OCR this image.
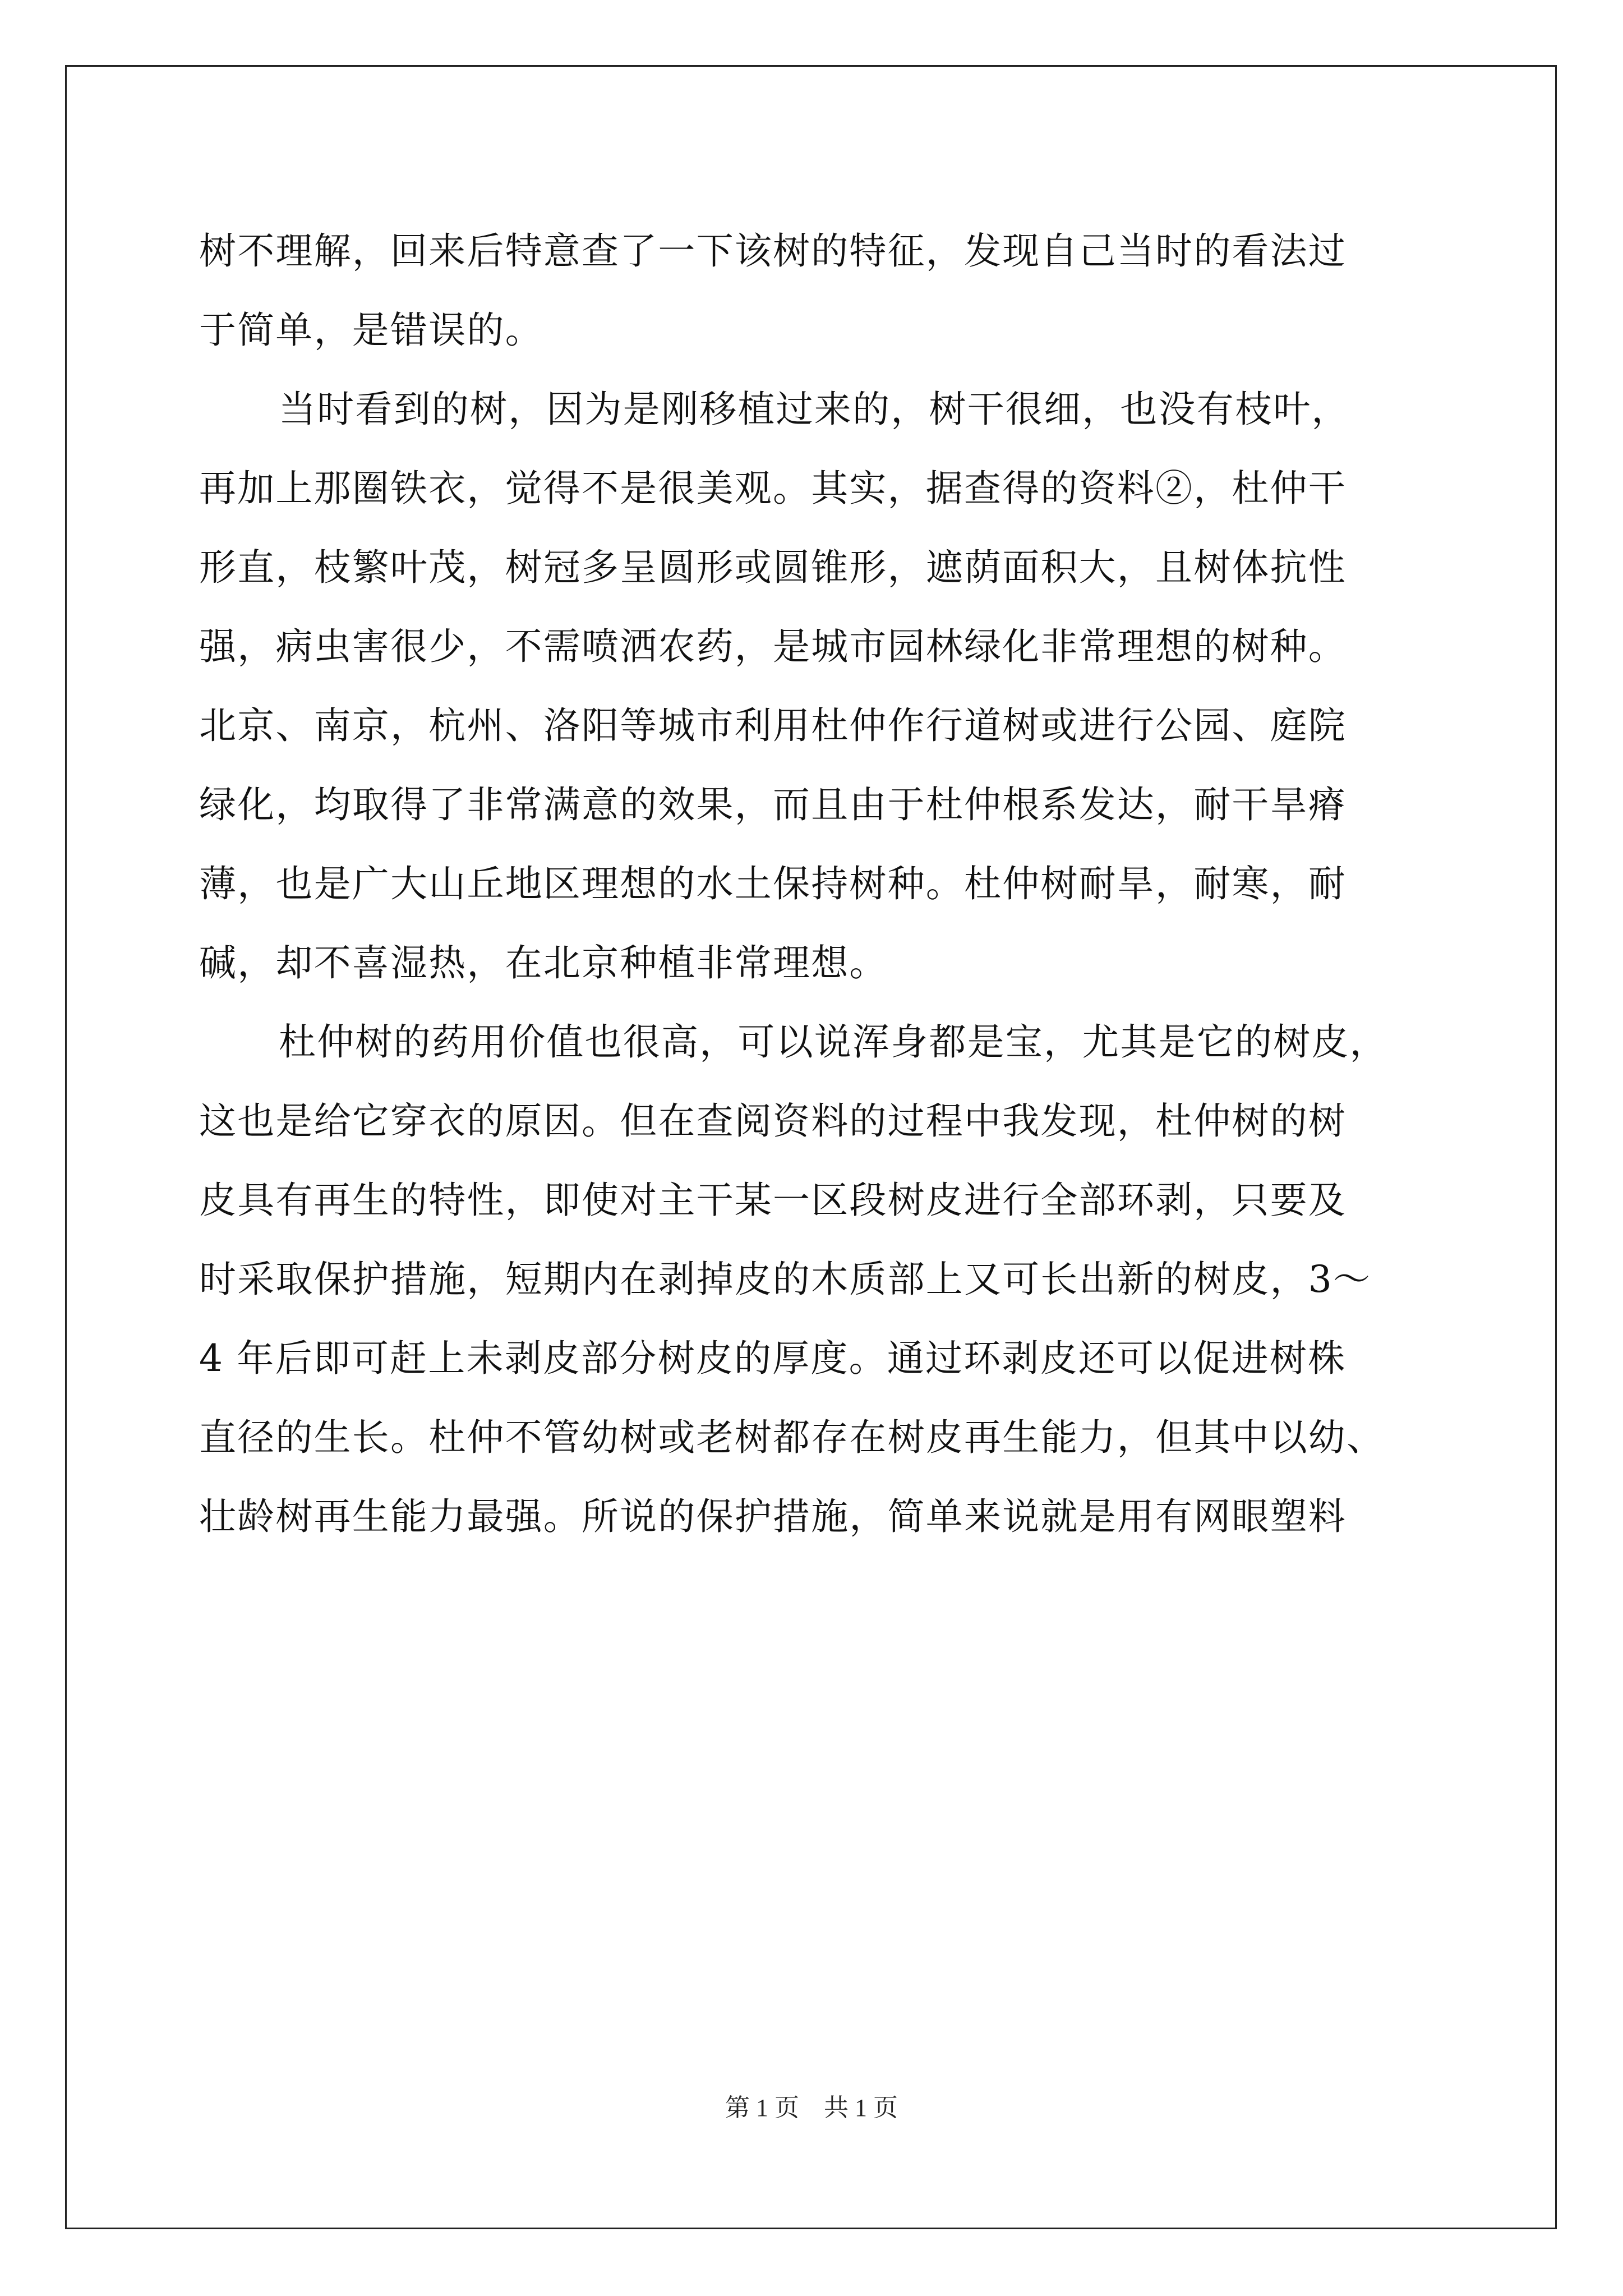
树不理解，回来后特意查了一下该树的特征，发现自己当时的看法过
于简单，是错误的。
当时看到的树，因为是刚移植过来的，树干很细，也没有枝叶，
再加上那圈铁衣，觉得不是很美观。其实，据查得的资料②，杜仲干
形直，枝繁叶茂，树冠多呈圆形或圆锥形，遮荫面积大，且树体抗性
强，病虫害很少，不需喷洒农药，是城市园林绿化非常理想的树种。
北京、南京，杭州、洛阳等城市利用杜仲作行道树或进行公园、庭院
绿化，均取得了非常满意的效果，而且由于杜仲根系发达，耐干旱瘠
薄，也是广大山丘地区理想的水土保持树种。杜仲树耐旱，耐寒，耐
碱，却不喜湿热，在北京种植非常理想。
杜仲树的药用价值也很高，可以说浑身都是宝，尤其是它的树皮，
这也是给它穿衣的原因。但在查阅资料的过程中我发现，杜仲树的树
皮具有再生的特性，即使对主干某一区段树皮进行全部环剥，只要及
时采取保护措施，短期内在剥掉皮的木质部上又可长出新的树皮，3～
4 年后即可赶上未剥皮部分树皮的厚度。通过环剥皮还可以促进树株
直径的生长。杜仲不管幼树或老树都存在树皮再生能力，但其中以幼、
壮龄树再生能力最强。所说的保护措施，简单来说就是用有网眼塑料
第 1 页　共 1 页
